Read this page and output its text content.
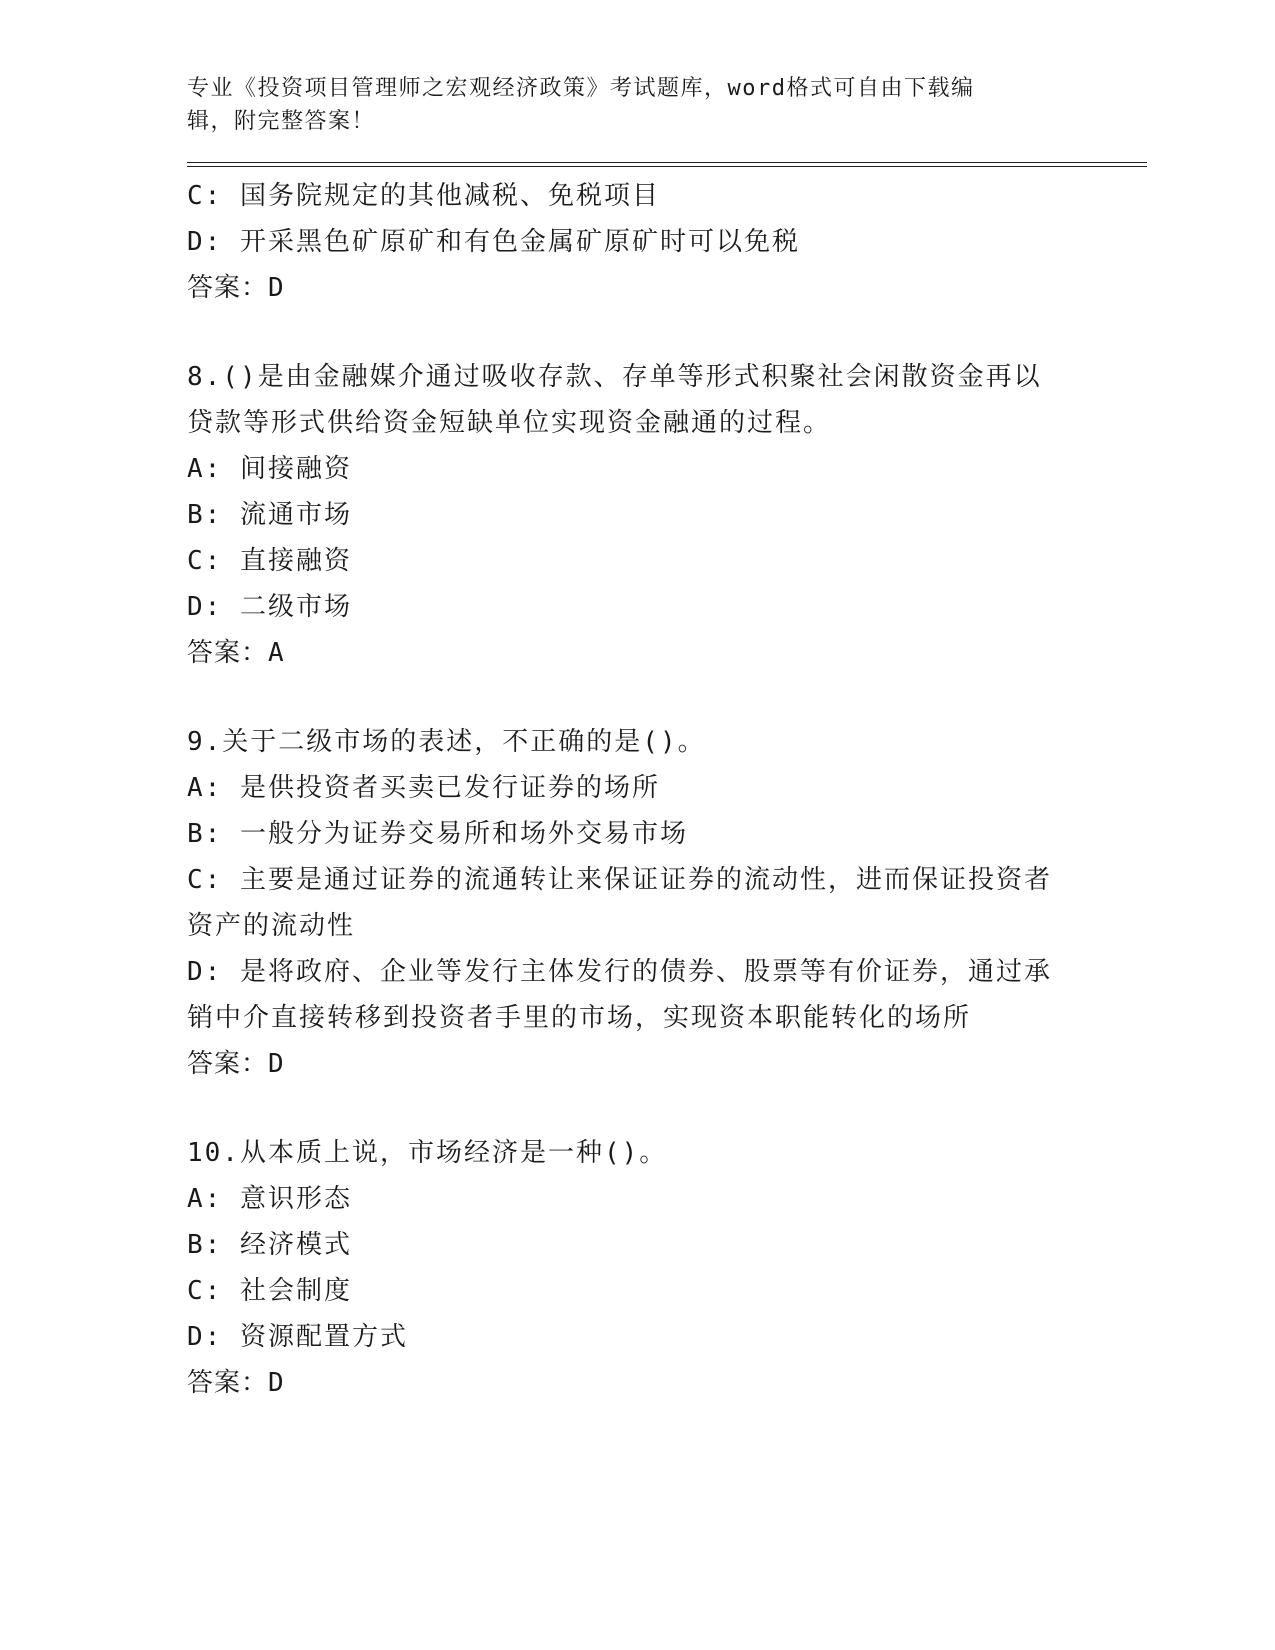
专业《投资项目管理师之宏观经济政策》考试题库，word格式可自由下载编辑，附完整答案！

C: 国务院规定的其他减税、免税项目

D: 开采黑色矿原矿和有色金属矿原矿时可以免税

答案：D

8.()是由金融媒介通过吸收存款、存单等形式积聚社会闲散资金再以贷款等形式供给资金短缺单位实现资金融通的过程。

A: 间接融资

B: 流通市场

C: 直接融资

D: 二级市场

答案：A

9.关于二级市场的表述，不正确的是()。

A: 是供投资者买卖已发行证券的场所

B: 一般分为证券交易所和场外交易市场

C: 主要是通过证券的流通转让来保证证券的流动性，进而保证投资者资产的流动性

D: 是将政府、企业等发行主体发行的债券、股票等有价证券，通过承销中介直接转移到投资者手里的市场，实现资本职能转化的场所

答案：D

10.从本质上说，市场经济是一种()。

A: 意识形态

B: 经济模式

C: 社会制度

D: 资源配置方式

答案：D
